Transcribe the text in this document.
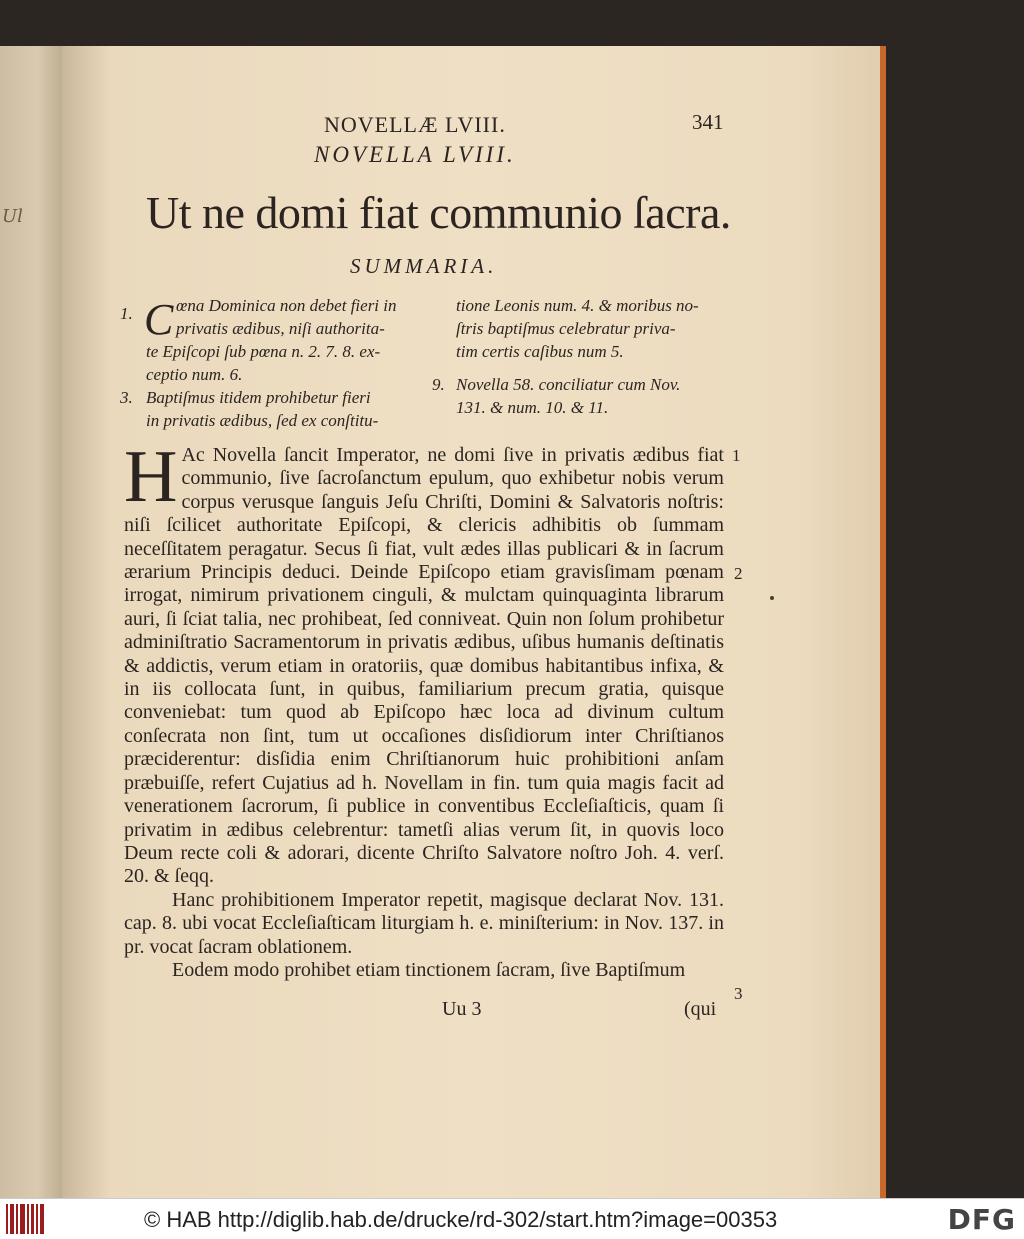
Ul
NOVELLÆ LVIII.	341
NOVELLA LVIII.
Ut ne domi fiat communio ſacra.
SUMMARIA.
1. C œna Dominica non debet fieri in
privatis ædibus, niſi authorita-
te Epiſcopi ſub pœna n. 2. 7. 8. ex-
ceptio num. 6.
3. Baptiſmus itidem prohibetur fieri
in privatis ædibus, ſed ex conſtitu-
tione Leonis num. 4. & moribus no-
ſtris baptiſmus celebratur priva-
tim certis caſibus num 5.
9. Novella 58. conciliatur cum Nov.
131. & num. 10. & 11.

H Ac Novella ſancit Imperator, ne domi ſive in privatis ædibus fiat communio, ſive ſacroſanctum epulum, quo exhibetur nobis verum corpus verusque ſanguis Jeſu Chriſti, Domini & Salvatoris noſtris: niſi ſcilicet authoritate Epiſcopi, & clericis adhibitis ob ſummam neceſſitatem peragatur. Secus ſi fiat, vult ædes illas publicari & in ſacrum ærarium Principis deduci. Deinde Epiſcopo etiam gravisſimam pœnam irrogat, nimirum privationem cinguli, & mulctam quinquaginta librarum auri, ſi ſciat talia, nec prohibeat, ſed conniveat. Quin non ſolum prohibetur adminiſtratio Sacramentorum in privatis ædibus, uſibus humanis deſtinatis & addictis, verum etiam in oratoriis, quæ domibus habitantibus infixa, & in iis collocata ſunt, in quibus, familiarium precum gratia, quisque conveniebat: tum quod ab Epiſcopo hæc loca ad divinum cultum conſecrata non ſint, tum ut occaſiones disſidiorum inter Chriſtianos præciderentur: disſidia enim Chriſtianorum huic prohibitioni anſam præbuiſſe, refert Cujatius ad h. Novellam in fin. tum quia magis facit ad venerationem ſacrorum, ſi publice in conventibus Eccleſiaſticis, quam ſi privatim in ædibus celebrentur: tametſi alias verum ſit, in quovis loco Deum recte coli & adorari, dicente Chriſto Salvatore noſtro Joh. 4. verſ. 20. & ſeqq.

Hanc prohibitionem Imperator repetit, magisque declarat Nov. 131. cap. 8. ubi vocat Eccleſiaſticam liturgiam h. e. miniſterium: in Nov. 137. in pr. vocat ſacram oblationem.

Eodem modo prohibet etiam tinctionem ſacram, ſive Baptiſmum

1
2
3
Uu 3	(qui
© HAB http://diglib.hab.de/drucke/rd-302/start.htm?image=00353	DFG
